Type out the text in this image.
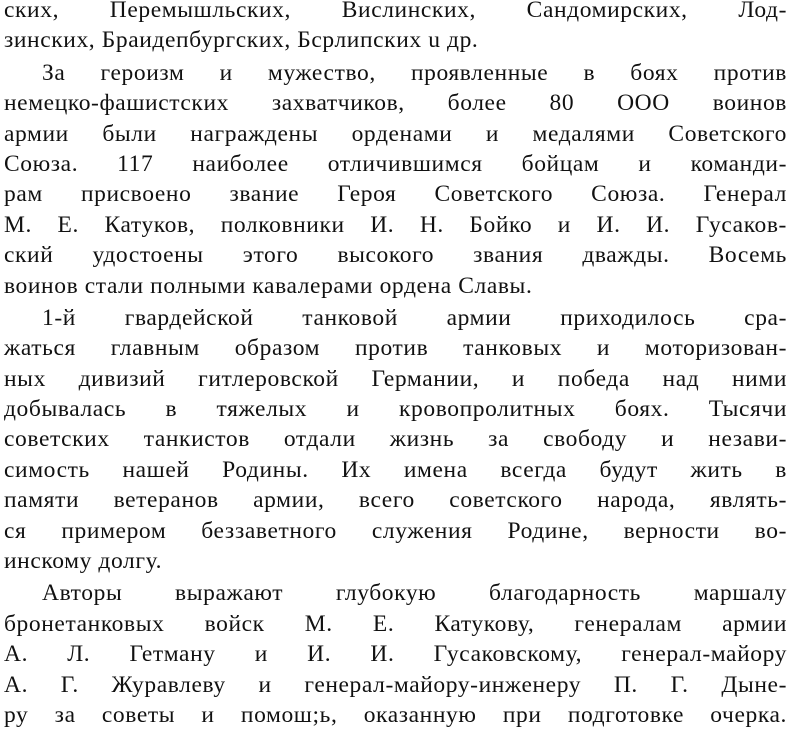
ских, Перемышльских, Вислинских, Сандомирских, Лод-
зинских, Браидепбургских, Бсрлипских u др.
За героизм и мужество, проявленные в боях против
немецко-фашистских захватчиков, более 80 ООО воинов
армии были награждены орденами и медалями Советского
Союза. 117 наиболее отличившимся бойцам и команди-
рам присвоено звание Героя Советского Союза. Генерал
М. Е. Катуков, полковники И. Н. Бойко и И. И. Гусаков-
ский удостоены этого высокого звания дважды. Восемь
воинов стали полными кавалерами ордена Славы.
1-й гвардейской танковой армии приходилось сра-
жаться главным образом против танковых и моторизован-
ных дивизий гитлеровской Германии, и победа над ними
добывалась в тяжелых и кровопролитных боях. Тысячи
советских танкистов отдали жизнь за свободу и незави-
симость нашей Родины. Их имена всегда будут жить в
памяти ветеранов армии, всего советского народа, являть-
ся примером беззаветного служения Родине, верности во-
инскому долгу.
Авторы выражают глубокую благодарность маршалу
бронетанковых войск М. Е. Катукову, генералам армии
А. Л. Гетману и И. И. Гусаковскому, генерал-майору
А. Г. Журавлеву и генерал-майору-инженеру П. Г. Дыне-
ру за советы и помош;ь, оказанную при подготовке очерка.
